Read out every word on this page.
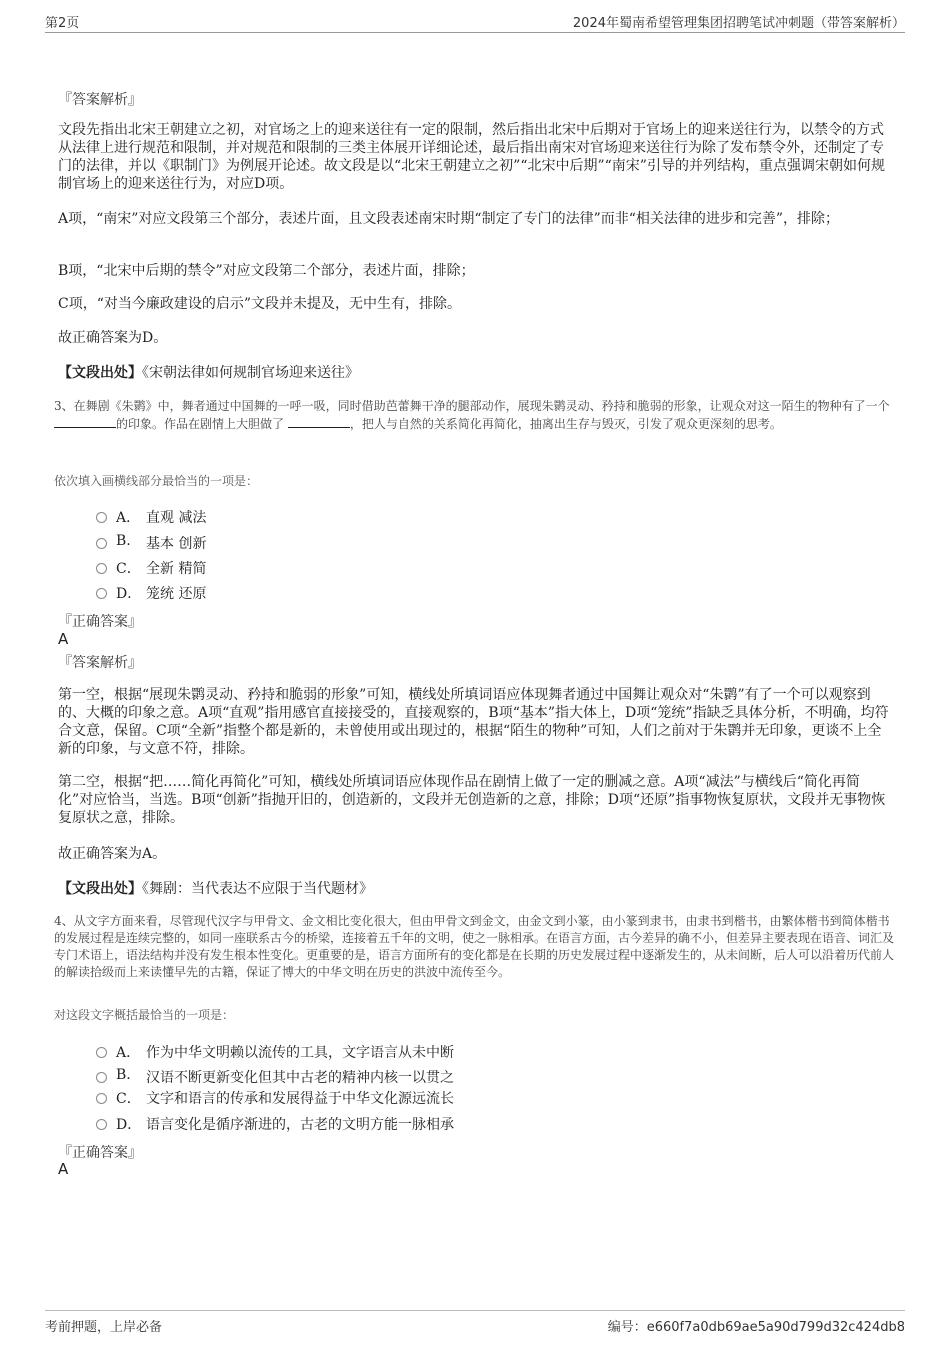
第2页	2024年蜀南希望管理集团招聘笔试冲刺题（带答案解析）
『答案解析』
文段先指出北宋王朝建立之初，对官场之上的迎来送往有一定的限制，然后指出北宋中后期对于官场上的迎来送往行为，以禁令的方式从法律上进行规范和限制，并对规范和限制的三类主体展开详细论述，最后指出南宋对官场迎来送往行为除了发布禁令外，还制定了专门的法律，并以《职制门》为例展开论述。故文段是以“北宋王朝建立之初”“北宋中后期”“南宋”引导的并列结构，重点强调宋朝如何规制官场上的迎来送往行为，对应D项。
A项，“南宋”对应文段第三个部分，表述片面，且文段表述南宋时期“制定了专门的法律”而非“相关法律的进步和完善”，排除；
B项，“北宋中后期的禁令”对应文段第二个部分，表述片面，排除；
C项，“对当今廉政建设的启示”文段并未提及，无中生有，排除。
故正确答案为D。
【文段出处】《宋朝法律如何规制官场迎来送往》
3、在舞剧《朱鹮》中，舞者通过中国舞的一呼一吸，同时借助芭蕾舞干净的腿部动作，展现朱鹮灵动、矜持和脆弱的形象，让观众对这一陌生的物种有了一个 的印象。作品在剧情上大胆做了	，把人与自然的关系简化再简化，抽离出生存与毁灭，引发了观众更深刻的思考。
依次填入画横线部分最恰当的一项是：
A． 直观 减法
B. 基本 创新
C． 全新 精简
D． 笼统 还原
『正确答案』
A
『答案解析』
第一空，根据“展现朱鹮灵动、矜持和脆弱的形象”可知，横线处所填词语应体现舞者通过中国舞让观众对“朱鹮”有了一个可以观察到的、大概的印象之意。A项“直观”指用感官直接接受的，直接观察的，B项“基本”指大体上，D项“笼统”指缺乏具体分析，不明确，均符合文意，保留。C项“全新”指整个都是新的，未曾使用或出现过的，根据“陌生的物种”可知，人们之前对于朱鹮并无印象，更谈不上全新的印象，与文意不符，排除。
第二空，根据“把……简化再简化”可知，横线处所填词语应体现作品在剧情上做了一定的删减之意。A项“减法”与横线后“简化再简化”对应恰当，当选。B项“创新”指抛开旧的，创造新的，文段并无创造新的之意，排除；D项“还原”指事物恢复原状，文段并无事物恢复原状之意，排除。
故正确答案为A。
【文段出处】《舞剧：当代表达不应限于当代题材》
4、从文字方面来看，尽管现代汉字与甲骨文、金文相比变化很大，但由甲骨文到金文，由金文到小篆，由小篆到隶书，由隶书到楷书，由繁体楷书到简体楷书的发展过程是连续完整的，如同一座联系古今的桥梁，连接着五千年的文明，使之一脉相承。在语言方面，古今差异的确不小，但差异主要表现在语音、词汇及专门术语上，语法结构并没有发生根本性变化。更重要的是，语言方面所有的变化都是在长期的历史发展过程中逐渐发生的，从未间断，后人可以沿着历代前人的解读拾级而上来读懂早先的古籍，保证了博大的中华文明在历史的洪波中流传至今。
对这段文字概括最恰当的一项是：
A． 作为中华文明赖以流传的工具，文字语言从未中断
B. 汉语不断更新变化但其中古老的精神内核一以贯之
C． 文字和语言的传承和发展得益于中华文化源远流长
D． 语言变化是循序渐进的，古老的文明方能一脉相承
『正确答案』
A
考前押题，上岸必备	编号：e660f7a0db69ae5a90d799d32c424db8
